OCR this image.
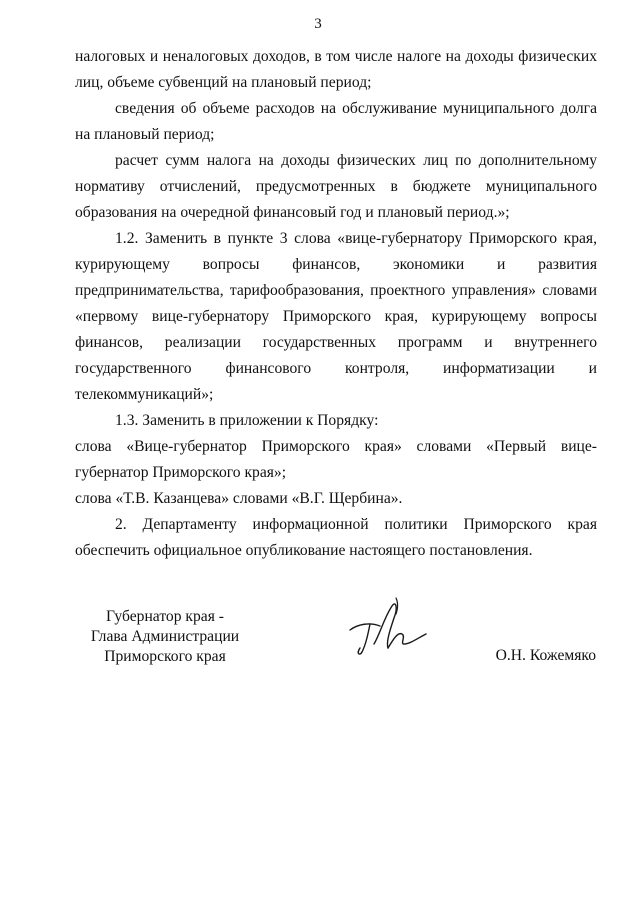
3

налоговых и неналоговых доходов, в том числе налоге на доходы физических лиц, объеме субвенций на плановый период;

сведения об объеме расходов на обслуживание муниципального долга на плановый период;

расчет сумм налога на доходы физических лиц по дополнительному нормативу отчислений, предусмотренных в бюджете муниципального образования на очередной финансовый год и плановый период.»;

1.2. Заменить в пункте 3 слова «вице-губернатору Приморского края, курирующему вопросы финансов, экономики и развития предпринимательства, тарифообразования, проектного управления» словами «первому вице-губернатору Приморского края, курирующему вопросы финансов, реализации государственных программ и внутреннего государственного финансового контроля, информатизации и телекоммуникаций»;

1.3. Заменить в приложении к Порядку:

слова «Вице-губернатор Приморского края» словами «Первый вице-губернатор Приморского края»;

слова «Т.В. Казанцева» словами «В.Г. Щербина».

2. Департаменту информационной политики Приморского края обеспечить официальное опубликование настоящего постановления.

Губернатор края -
Глава Администрации
Приморского края	О.Н. Кожемяко
